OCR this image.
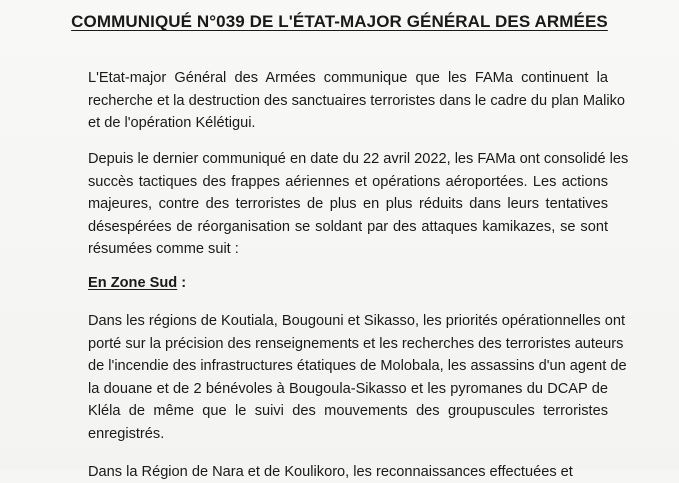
COMMUNIQUÉ N°039 DE L'ÉTAT-MAJOR GÉNÉRAL DES ARMÉES
L'Etat-major Général des Armées communique que les FAMa continuent la
recherche et la destruction des sanctuaires terroristes dans le cadre du plan Maliko
et de l'opération Kélétigui.
Depuis le dernier communiqué en date du 22 avril 2022, les FAMa ont consolidé les
succès tactiques des frappes aériennes et opérations aéroportées. Les actions
majeures, contre des terroristes de plus en plus réduits dans leurs tentatives
désespérées de réorganisation se soldant par des attaques kamikazes, se sont
résumées comme suit :
En Zone Sud :
Dans les régions de Koutiala, Bougouni et Sikasso, les priorités opérationnelles ont
porté sur la précision des renseignements et les recherches des terroristes auteurs
de l'incendie des infrastructures étatiques de Molobala, les assassins d'un agent de
la douane et de 2 bénévoles à Bougoula-Sikasso et les pyromanes du DCAP de
Kléla de même que le suivi des mouvements des groupuscules terroristes
enregistrés.
Dans la Région de Nara et de Koulikoro, les reconnaissances effectuées et
